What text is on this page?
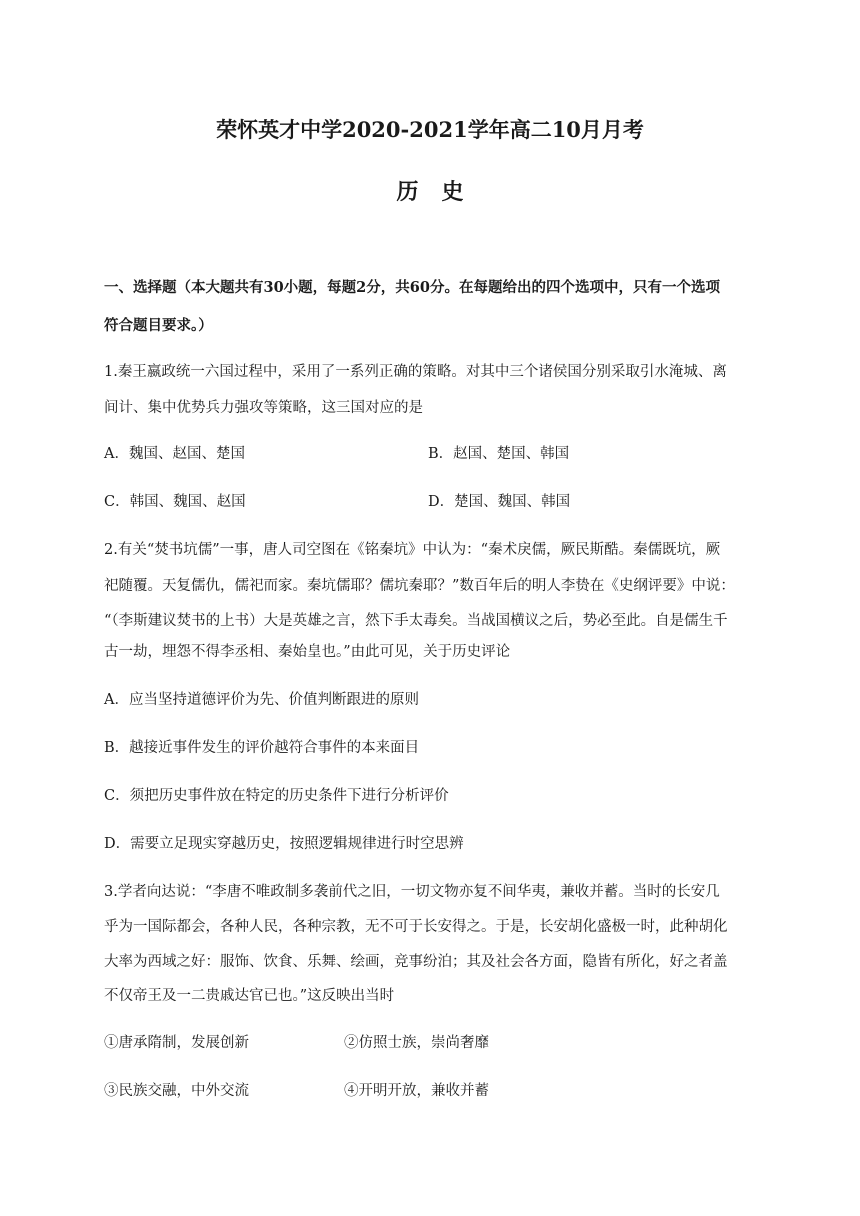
荣怀英才中学2020-2021学年高二10月月考
历   史
一、选择题（本大题共有30小题，每题2分，共60分。在每题给出的四个选项中，只有一个选项
符合题目要求。）
1.秦王嬴政统一六国过程中，采用了一系列正确的策略。对其中三个诸侯国分别采取引水淹城、离
间计、集中优势兵力强攻等策略，这三国对应的是
A．魏国、赵国、楚国	B．赵国、楚国、韩国
C．韩国、魏国、赵国	D．楚国、魏国、韩国
2.有关“焚书坑儒”一事，唐人司空图在《铭秦坑》中认为：“秦术戾儒，厥民斯酷。秦儒既坑，厥
祀随覆。天复儒仇，儒祀而家。秦坑儒耶？儒坑秦耶？”数百年后的明人李贽在《史纲评要》中说：
“（李斯建议焚书的上书）大是英雄之言，然下手太毒矣。当战国横议之后，势必至此。自是儒生千
古一劫，埋怨不得李丞相、秦始皇也。”由此可见，关于历史评论
A．应当坚持道德评价为先、价值判断跟进的原则
B．越接近事件发生的评价越符合事件的本来面目
C．须把历史事件放在特定的历史条件下进行分析评价
D．需要立足现实穿越历史，按照逻辑规律进行时空思辨
3.学者向达说：“李唐不唯政制多袭前代之旧，一切文物亦复不间华夷，兼收并蓄。当时的长安几
乎为一国际都会，各种人民，各种宗教，无不可于长安得之。于是，长安胡化盛极一时，此种胡化
大率为西域之好：服饰、饮食、乐舞、绘画，竞事纷泊；其及社会各方面，隐皆有所化，好之者盖
不仅帝王及一二贵戚达官已也。”这反映出当时
①唐承隋制，发展创新	②仿照士族，崇尚奢靡
③民族交融，中外交流	④开明开放，兼收并蓄
